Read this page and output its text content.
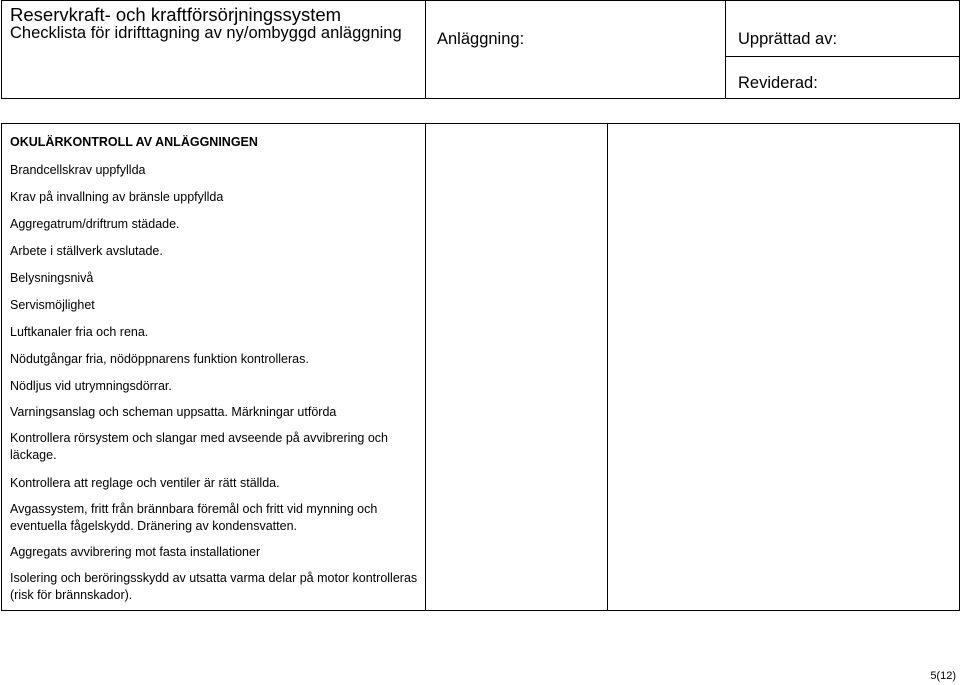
Reservkraft- och kraftförsörjningssystem
Checklista för idrifttagning av ny/ombyggd anläggning Anläggning:	Upprättad av:
Reviderad:
OKULÄRKONTROLL AV ANLÄGGNINGEN
Brandcellskrav uppfyllda
Krav på invallning av bränsle uppfyllda
Aggregatrum/driftrum städade.
Arbete i ställverk avslutade.
Belysningsnivå
Servismöjlighet
Luftkanaler fria och rena.
Nödutgångar fria, nödöppnarens funktion kontrolleras.
Nödljus vid utrymningsdörrar.
Varningsanslag och scheman uppsatta. Märkningar utförda
Kontrollera rörsystem och slangar med avseende på avvibrering och läckage.
Kontrollera att reglage och ventiler är rätt ställda.
Avgassystem, fritt från brännbara föremål och fritt vid mynning och eventuella fågelskydd. Dränering av kondensvatten.
Aggregats avvibrering mot fasta installationer
Isolering och beröringsskydd av utsatta varma delar på motor kontrolleras (risk för brännskador).
5(12)
